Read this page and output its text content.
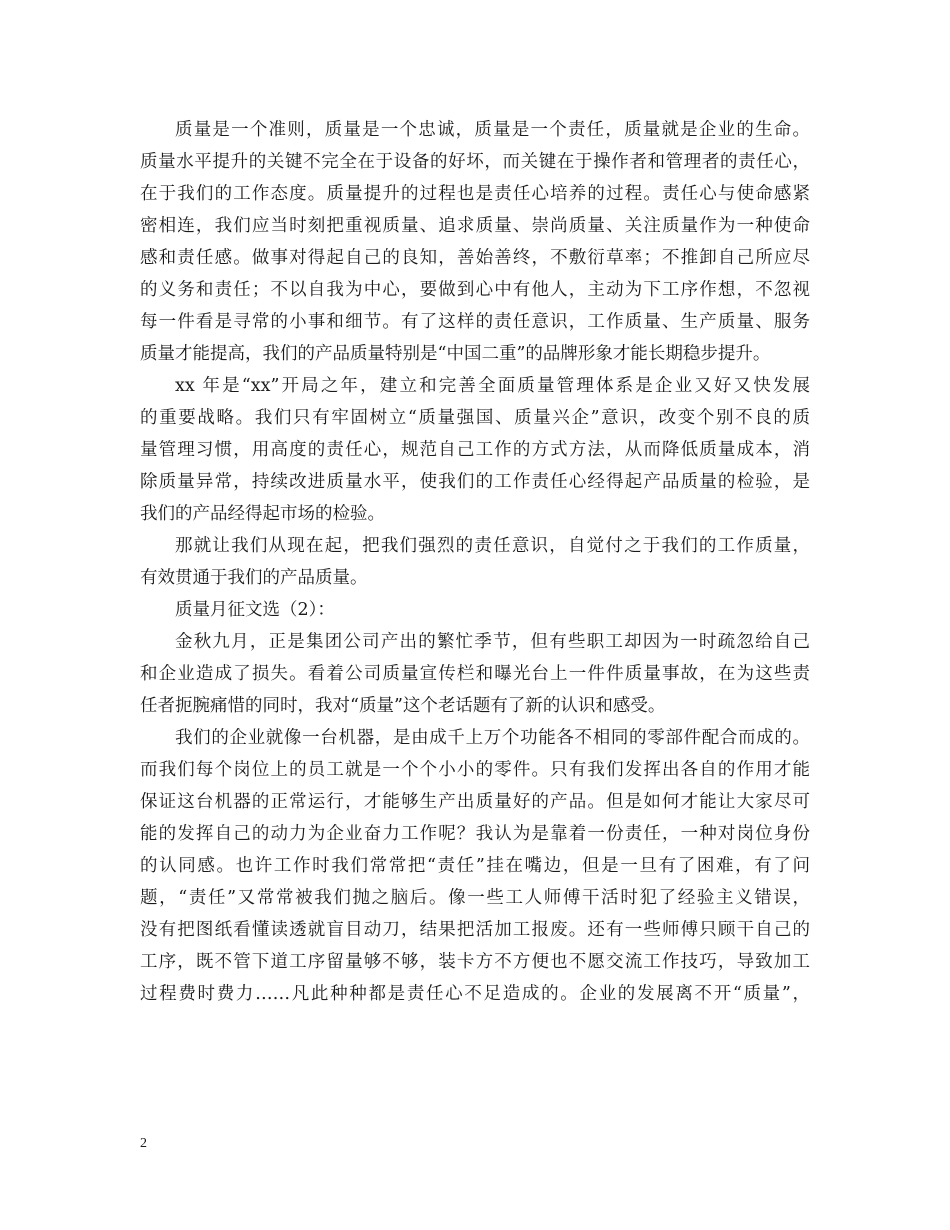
质量是一个准则，质量是一个忠诚，质量是一个责任，质量就是企业的生命。
质量水平提升的关键不完全在于设备的好坏，而关键在于操作者和管理者的责任心，
在于我们的工作态度。质量提升的过程也是责任心培养的过程。责任心与使命感紧
密相连，我们应当时刻把重视质量、追求质量、崇尚质量、关注质量作为一种使命
感和责任感。做事对得起自己的良知，善始善终，不敷衍草率；不推卸自己所应尽
的义务和责任；不以自我为中心，要做到心中有他人，主动为下工序作想，不忽视
每一件看是寻常的小事和细节。有了这样的责任意识，工作质量、生产质量、服务
质量才能提高，我们的产品质量特别是“中国二重”的品牌形象才能长期稳步提升。
xx 年是“xx”开局之年，建立和完善全面质量管理体系是企业又好又快发展
的重要战略。我们只有牢固树立“质量强国、质量兴企”意识，改变个别不良的质
量管理习惯，用高度的责任心，规范自己工作的方式方法，从而降低质量成本，消
除质量异常，持续改进质量水平，使我们的工作责任心经得起产品质量的检验，是
我们的产品经得起市场的检验。
那就让我们从现在起，把我们强烈的责任意识，自觉付之于我们的工作质量，
有效贯通于我们的产品质量。
质量月征文选（2）：
金秋九月，正是集团公司产出的繁忙季节，但有些职工却因为一时疏忽给自己
和企业造成了损失。看着公司质量宣传栏和曝光台上一件件质量事故，在为这些责
任者扼腕痛惜的同时，我对“质量”这个老话题有了新的认识和感受。
我们的企业就像一台机器，是由成千上万个功能各不相同的零部件配合而成的。
而我们每个岗位上的员工就是一个个小小的零件。只有我们发挥出各自的作用才能
保证这台机器的正常运行，才能够生产出质量好的产品。但是如何才能让大家尽可
能的发挥自己的动力为企业奋力工作呢？我认为是靠着一份责任，一种对岗位身份
的认同感。也许工作时我们常常把“责任”挂在嘴边，但是一旦有了困难，有了问
题，“责任”又常常被我们抛之脑后。像一些工人师傅干活时犯了经验主义错误，
没有把图纸看懂读透就盲目动刀，结果把活加工报废。还有一些师傅只顾干自己的
工序，既不管下道工序留量够不够，装卡方不方便也不愿交流工作技巧，导致加工
过程费时费力……凡此种种都是责任心不足造成的。企业的发展离不开“质量”，
2
